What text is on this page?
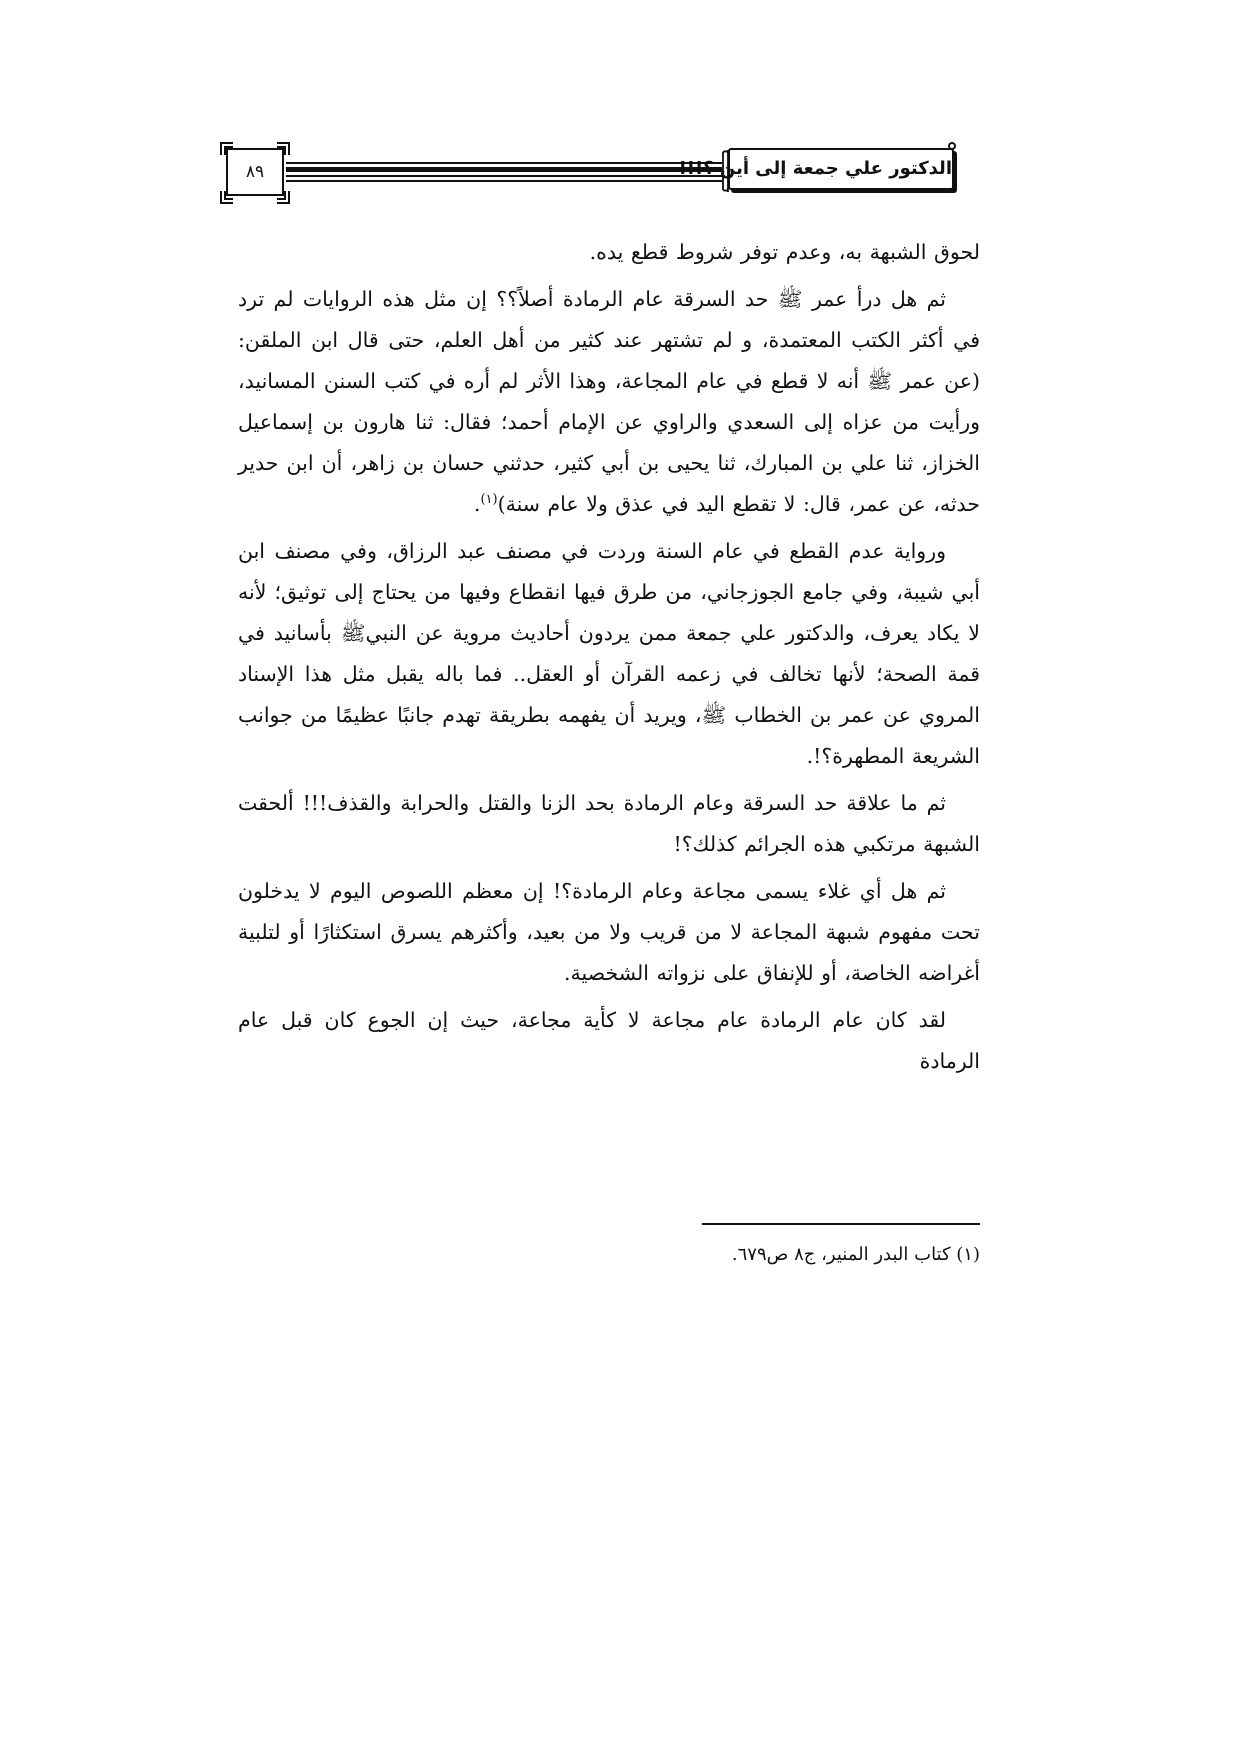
الدكتور علي جمعة إلى أين ؟!!!
٨٩

لحوق الشبهة به، وعدم توفر شروط قطع يده.

ثم هل درأ عمر ﷺ حد السرقة عام الرمادة أصلاً؟؟ إن مثل هذه الروايات لم ترد في أكثر الكتب المعتمدة، و لم تشتهر عند كثير من أهل العلم، حتى قال ابن الملقن: (عن عمر ﷺ أنه لا قطع في عام المجاعة، وهذا الأثر لم أره في كتب السنن المسانيد، ورأيت من عزاه إلى السعدي والراوي عن الإمام أحمد؛ فقال: ثنا هارون بن إسماعيل الخزاز، ثنا علي بن المبارك، ثنا يحيى بن أبي كثير، حدثني حسان بن زاهر، أن ابن حدير حدثه، عن عمر، قال: لا تقطع اليد في عذق ولا عام سنة)$^{(١)}$.

ورواية عدم القطع في عام السنة وردت في مصنف عبد الرزاق، وفي مصنف ابن أبي شيبة، وفي جامع الجوزجاني، من طرق فيها انقطاع وفيها من يحتاج إلى توثيق؛ لأنه لا يكاد يعرف، والدكتور علي جمعة ممن يردون أحاديث مروية عن النبيﷺ بأسانيد في قمة الصحة؛ لأنها تخالف في زعمه القرآن أو العقل.. فما باله يقبل مثل هذا الإسناد المروي عن عمر بن الخطاب ﷺ، ويريد أن يفهمه بطريقة تهدم جانبًا عظيمًا من جوانب الشريعة المطهرة؟!.

ثم ما علاقة حد السرقة وعام الرمادة بحد الزنا والقتل والحرابة والقذف!!! ألحقت الشبهة مرتكبي هذه الجرائم كذلك؟!

ثم هل أي غلاء يسمى مجاعة وعام الرمادة؟! إن معظم اللصوص اليوم لا يدخلون تحت مفهوم شبهة المجاعة لا من قريب ولا من بعيد، وأكثرهم يسرق استكثارًا أو لتلبية أغراضه الخاصة، أو للإنفاق على نزواته الشخصية.

لقد كان عام الرمادة عام مجاعة لا كأية مجاعة، حيث إن الجوع كان قبل عام الرمادة

(١) كتاب البدر المنير، ج٨ ص٦٧٩.
